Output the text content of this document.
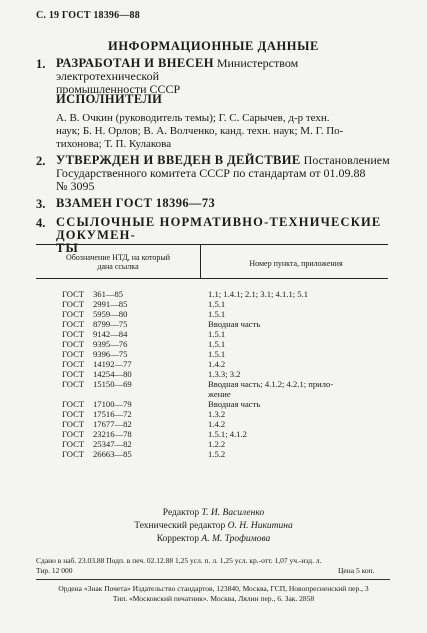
С. 19 ГОСТ 18396—88
ИНФОРМАЦИОННЫЕ ДАННЫЕ
1. РАЗРАБОТАН И ВНЕСЕН Министерством электротехнической
промышленности СССР
ИСПОЛНИТЕЛИ
А. В. Очкин (руководитель темы); Г. С. Сарычев, д-р техн.
наук; Б. Н. Орлов; В. А. Волченко, канд. техн. наук; М. Г. По-
тихонова; Т. П. Кулакова
2. УТВЕРЖДЕН И ВВЕДЕН В ДЕЙСТВИЕ Постановлением
Государственного комитета СССР по стандартам от 01.09.88
№ 3095
3. ВЗАМЕН ГОСТ 18396—73
4. ССЫЛОЧНЫЕ НОРМАТИВНО-ТЕХНИЧЕСКИЕ ДОКУМЕН-
ТЫ
Обозначение НТД, на который
дана ссылка	Номер пункта, приложения
ГОСТ 361—85	1.1; 1.4.1; 2.1; 3.1; 4.1.1; 5.1
ГОСТ 2991—85	1.5.1
ГОСТ 5959—80	1.5.1
ГОСТ 8799—75	Вводная часть
ГОСТ 9142—84	1.5.1
ГОСТ 9395—76	1.5.1
ГОСТ 9396—75	1.5.1
ГОСТ 14192—77	1.4.2
ГОСТ 14254—80	1.3.3; 3.2
ГОСТ 15150—69	Вводная часть; 4.1.2; 4.2.1; прило-
жение
ГОСТ 17100—79	Вводная часть
ГОСТ 17516—72	1.3.2
ГОСТ 17677—82	1.4.2
ГОСТ 23216—78	1.5.1; 4.1.2
ГОСТ 25347—82	1.2.2
ГОСТ 26663—85	1.5.2
Редактор Т. И. Василенко
Технический редактор О. Н. Никитина
Корректор А. М. Трофимова
Сдано в наб. 23.03.88 Подп. в печ. 02.12.88 1,25 усл. п. л. 1,25 усл. кр.-отт. 1,07 уч.-изд. л.
Тир. 12 000	Цена 5 коп.
Ордена «Знак Почета» Издательство стандартов, 123840, Москва, ГСП, Новопресненский пер., 3
Тип. «Московский печатник». Москва, Лялин пер., 6. Зак. 2858
